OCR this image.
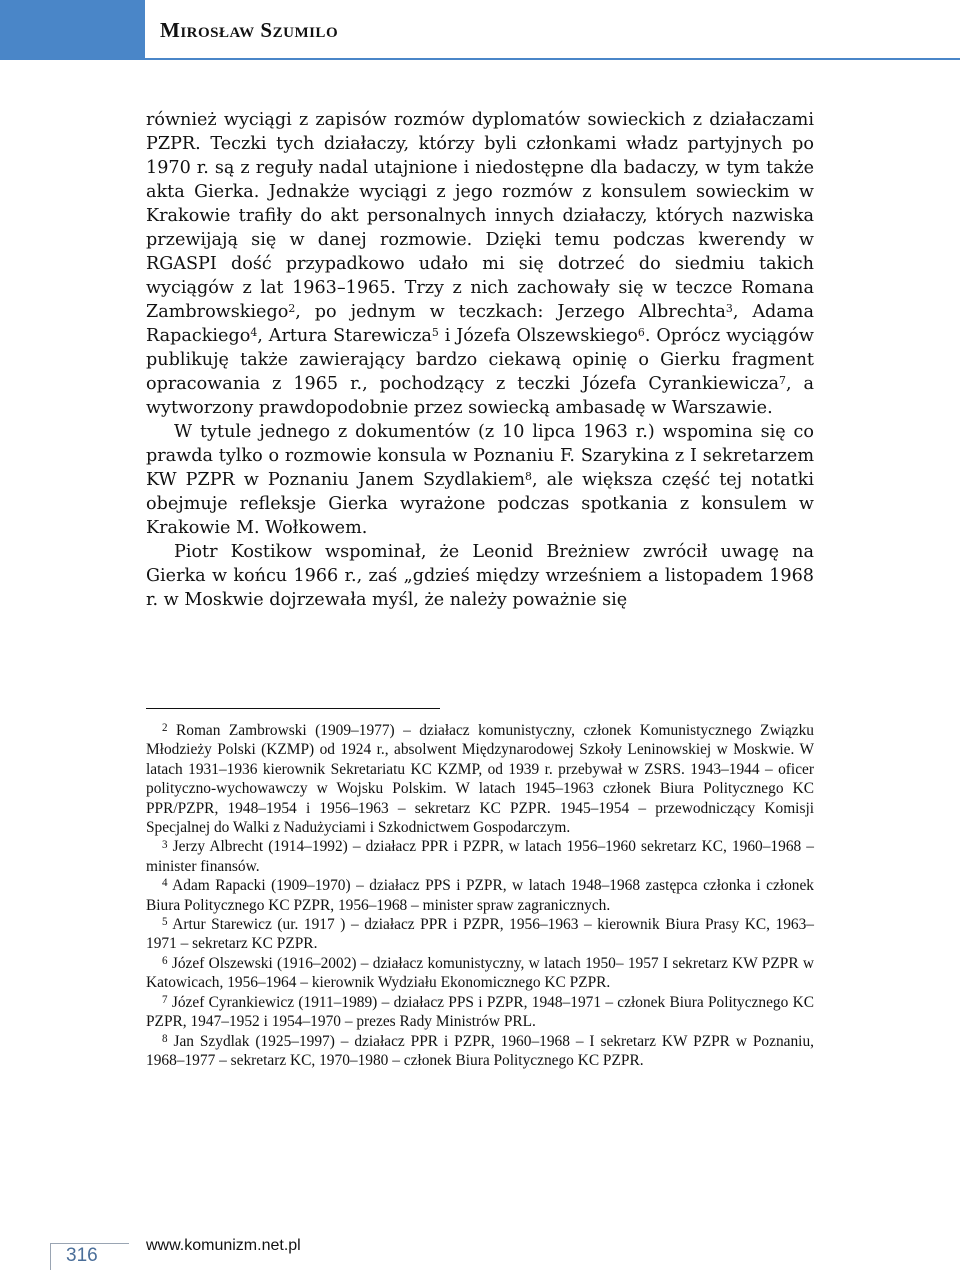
Mirosław Szumilo

również wyciągi z zapisów rozmów dyplomatów sowieckich z działaczami PZPR. Teczki tych działaczy, którzy byli członkami władz partyjnych po 1970 r. są z reguły nadal utajnione i niedostępne dla badaczy, w tym także akta Gierka. Jednakże wyciągi z jego rozmów z konsulem sowieckim w Krakowie trafiły do akt personalnych innych działaczy, których nazwiska przewijają się w danej rozmowie. Dzięki temu podczas kwerendy w RGASPI dość przypadkowo udało mi się dotrzeć do siedmiu takich wyciągów z lat 1963–1965. Trzy z nich zachowały się w teczce Romana Zambrowskiego$^2$, po jednym w teczkach: Jerzego Albrechta$^3$, Adama Rapackiego$^4$, Artura Starewicza$^5$ i Józefa Olszewskiego$^6$. Oprócz wyciągów publikuję także zawierający bardzo ciekawą opinię o Gierku fragment opracowania z 1965 r., pochodzący z teczki Józefa Cyrankiewicza$^7$, a wytworzony prawdopodobnie przez sowiecką ambasadę w Warszawie.

W tytule jednego z dokumentów (z 10 lipca 1963 r.) wspomina się co prawda tylko o rozmowie konsula w Poznaniu F. Szarykina z I sekretarzem KW PZPR w Poznaniu Janem Szydlakiem$^8$, ale większa część tej notatki obejmuje refleksje Gierka wyrażone podczas spotkania z konsulem w Krakowie M. Wołkowem.

Piotr Kostikow wspominał, że Leonid Breżniew zwrócił uwagę na Gierka w końcu 1966 r., zaś „gdzieś między wrześniem a listopadem 1968 r. w Moskwie dojrzewała myśl, że należy poważnie się

$^2$ Roman Zambrowski (1909–1977) – działacz komunistyczny, członek Komunistycznego Związku Młodzieży Polski (KZMP) od 1924 r., absolwent Międzynarodowej Szkoły Leninowskiej w Moskwie. W latach 1931–1936 kierownik Sekretariatu KC KZMP, od 1939 r. przebywał w ZSRS. 1943–1944 – oficer polityczno-wychowawczy w Wojsku Polskim. W latach 1945–1963 członek Biura Politycznego KC PPR/PZPR, 1948–1954 i 1956–1963 – sekretarz KC PZPR. 1945–1954 – przewodniczący Komisji Specjalnej do Walki z Nadużyciami i Szkodnictwem Gospodarczym.

$^3$ Jerzy Albrecht (1914–1992) – działacz PPR i PZPR, w latach 1956–1960 sekretarz KC, 1960–1968 – minister finansów.

$^4$ Adam Rapacki (1909–1970) – działacz PPS i PZPR, w latach 1948–1968 zastępca członka i członek Biura Politycznego KC PZPR, 1956–1968 – minister spraw zagranicznych.

$^5$ Artur Starewicz (ur. 1917 ) – działacz PPR i PZPR, 1956–1963 – kierownik Biura Prasy KC, 1963–1971 – sekretarz KC PZPR.

$^6$ Józef Olszewski (1916–2002) – działacz komunistyczny, w latach 1950– 1957 I sekretarz KW PZPR w Katowicach, 1956–1964 – kierownik Wydziału Ekonomicznego KC PZPR.

$^7$ Józef Cyrankiewicz (1911–1989) – działacz PPS i PZPR, 1948–1971 – członek Biura Politycznego KC PZPR, 1947–1952 i 1954–1970 – prezes Rady Ministrów PRL.

$^8$ Jan Szydlak (1925–1997) – działacz PPR i PZPR, 1960–1968 – I sekretarz KW PZPR w Poznaniu, 1968–1977 – sekretarz KC, 1970–1980 – członek Biura Politycznego KC PZPR.

316	www.komunizm.net.pl
